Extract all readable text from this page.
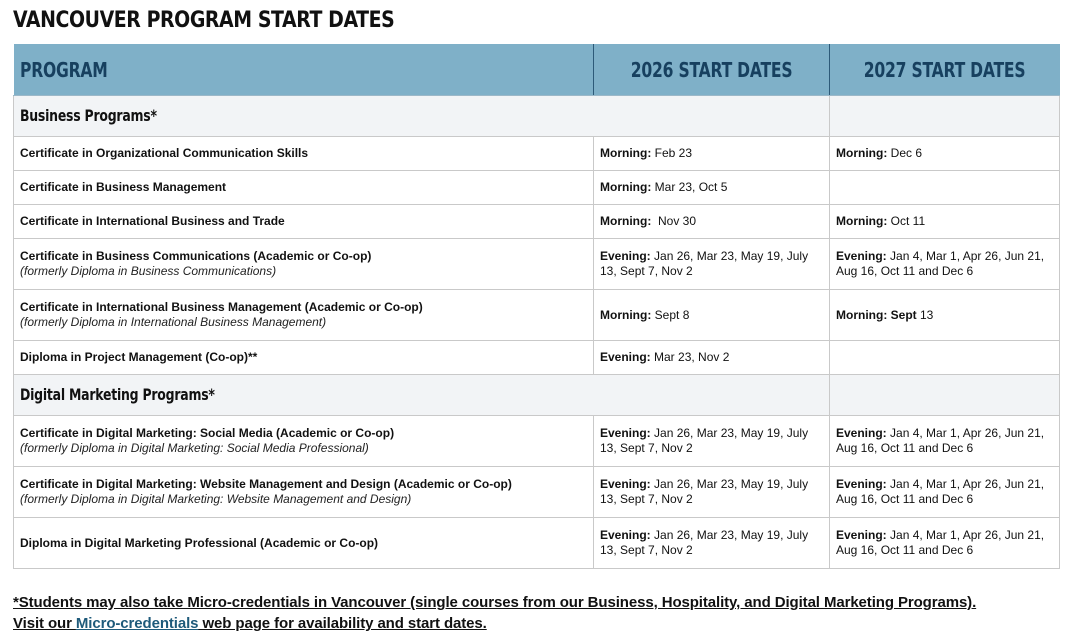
VANCOUVER PROGRAM START DATES
PROGRAM	2026 START DATES	2027 START DATES
Business Programs*		

Certificate in Organizational Communication Skills	Morning: Feb 23	Morning: Dec 6

Certificate in Business Management	Morning: Mar 23, Oct 5	

Certificate in International Business and Trade	Morning:  Nov 30	Morning: Oct 11

Certificate in Business Communications (Academic or Co-op)
(formerly Diploma in Business Communications)	Evening: Jan 26, Mar 23, May 19, July 13, Sept 7, Nov 2	Evening: Jan 4, Mar 1, Apr 26, Jun 21, Aug 16, Oct 11 and Dec 6

Certificate in International Business Management (Academic or Co-op)
(formerly Diploma in International Business Management)	Morning: Sept 8	Morning: Sept 13

Diploma in Project Management (Co-op)**	Evening: Mar 23, Nov 2	
Digital Marketing Programs*		

Certificate in Digital Marketing: Social Media (Academic or Co-op)
(formerly Diploma in Digital Marketing: Social Media Professional)	Evening: Jan 26, Mar 23, May 19, July 13, Sept 7, Nov 2	Evening: Jan 4, Mar 1, Apr 26, Jun 21, Aug 16, Oct 11 and Dec 6

Certificate in Digital Marketing: Website Management and Design (Academic or Co-op)
(formerly Diploma in Digital Marketing: Website Management and Design)	Evening: Jan 26, Mar 23, May 19, July 13, Sept 7, Nov 2	Evening: Jan 4, Mar 1, Apr 26, Jun 21, Aug 16, Oct 11 and Dec 6

Diploma in Digital Marketing Professional (Academic or Co-op)	Evening: Jan 26, Mar 23, May 19, July 13, Sept 7, Nov 2	Evening: Jan 4, Mar 1, Apr 26, Jun 21, Aug 16, Oct 11 and Dec 6
*Students may also take Micro-credentials in Vancouver (single courses from our Business, Hospitality, and Digital Marketing Programs).
Visit our Micro-credentials web page for availability and start dates.
